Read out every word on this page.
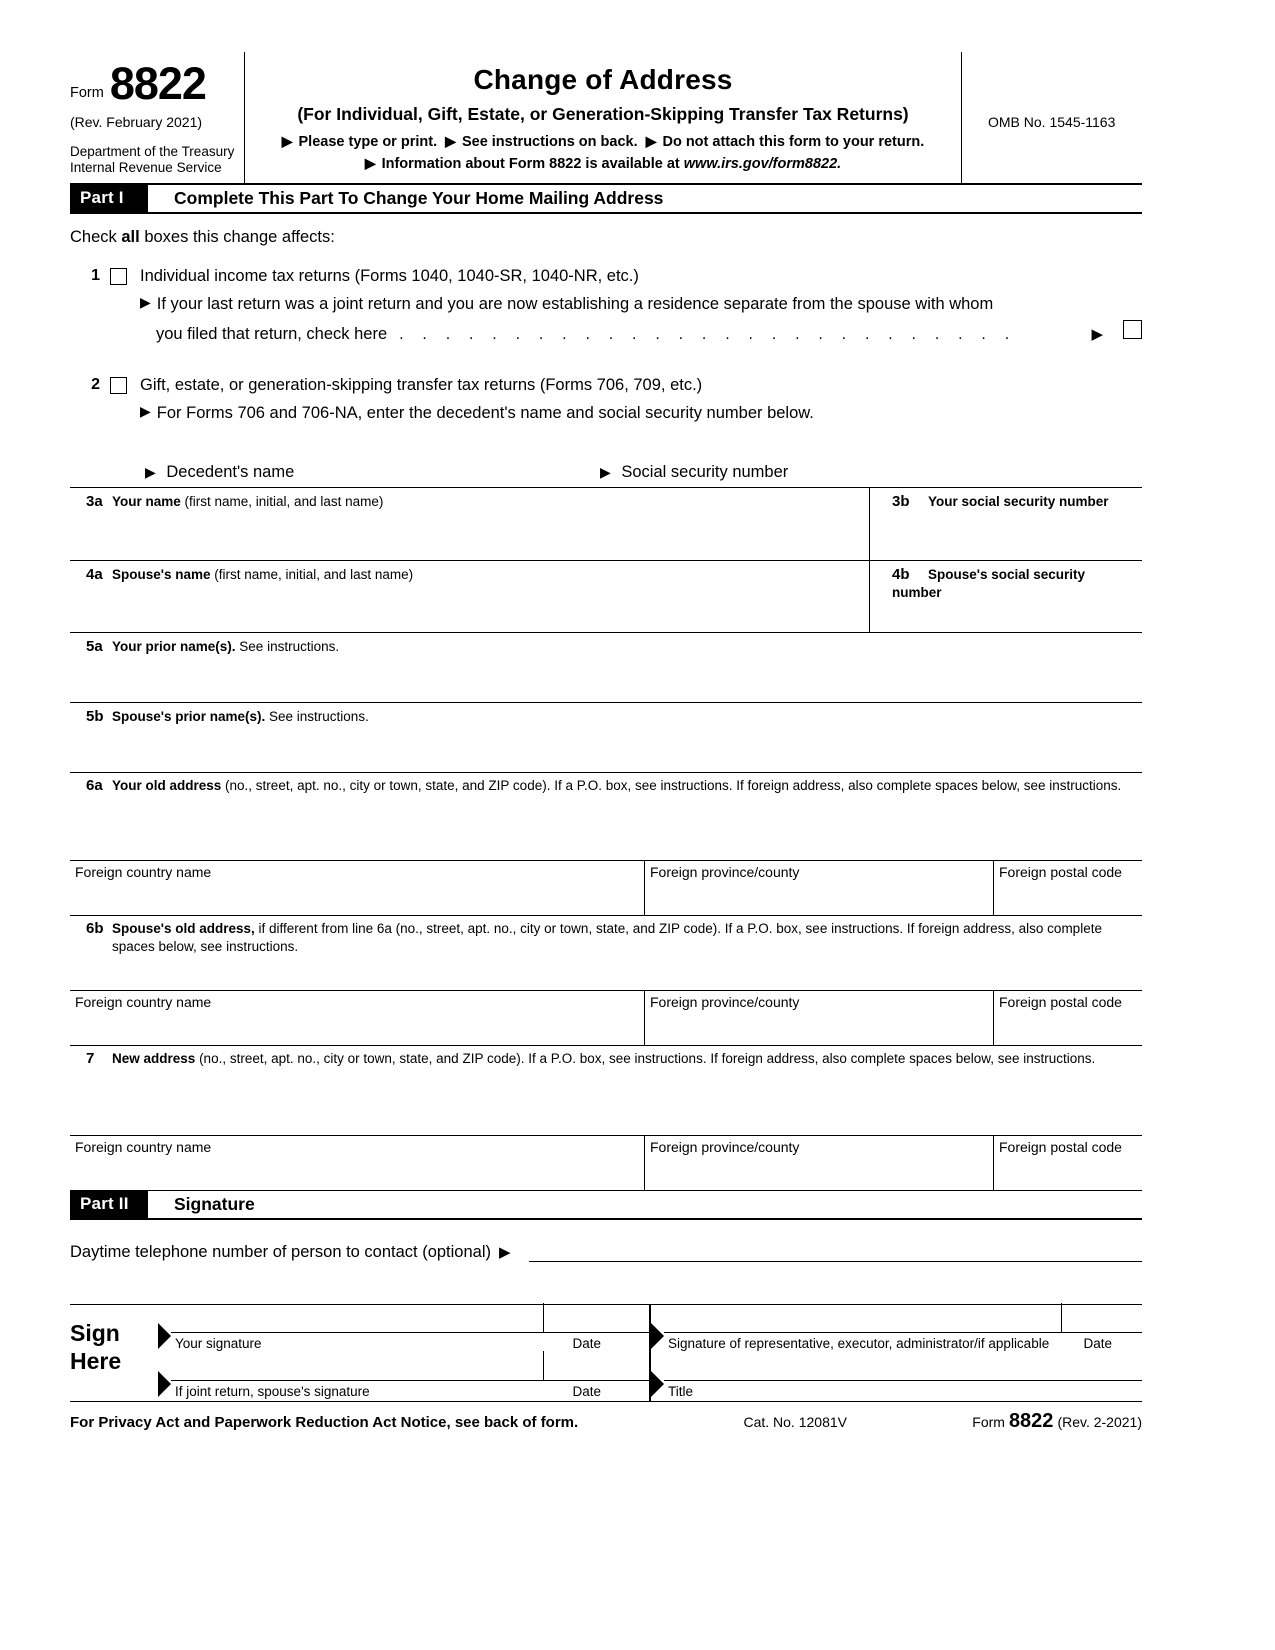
Form 8822
(Rev. February 2021)
Department of the Treasury
Internal Revenue Service
Change of Address
(For Individual, Gift, Estate, or Generation-Skipping Transfer Tax Returns)
▶ Please type or print. ▶ See instructions on back. ▶ Do not attach this form to your return.
▶ Information about Form 8822 is available at www.irs.gov/form8822.
OMB No. 1545-1163
Part I	Complete This Part To Change Your Home Mailing Address
Check all boxes this change affects:
1	Individual income tax returns (Forms 1040, 1040-SR, 1040-NR, etc.)
▶ If your last return was a joint return and you are now establishing a residence separate from the spouse with whom
you filed that return, check here . . . . . . . . . . . . . . . . . . . . . . . . . . .	▶
2	Gift, estate, or generation-skipping transfer tax returns (Forms 706, 709, etc.)
▶ For Forms 706 and 706-NA, enter the decedent's name and social security number below.
▶ Decedent's name	▶ Social security number
3a Your name (first name, initial, and last name)	3b Your social security number
4a Spouse's name (first name, initial, and last name)	4b Spouse's social security number
5a Your prior name(s). See instructions.
5b Spouse's prior name(s). See instructions.
6a Your old address (no., street, apt. no., city or town, state, and ZIP code). If a P.O. box, see instructions. If foreign address, also complete spaces below, see instructions.
Foreign country name	Foreign province/county	Foreign postal code
6b Spouse's old address, if different from line 6a (no., street, apt. no., city or town, state, and ZIP code). If a P.O. box, see instructions. If foreign address, also complete spaces below, see instructions.
Foreign country name	Foreign province/county	Foreign postal code
7	New address (no., street, apt. no., city or town, state, and ZIP code). If a P.O. box, see instructions. If foreign address, also complete spaces below, see instructions.
Foreign country name	Foreign province/county	Foreign postal code
Part II	Signature
Daytime telephone number of person to contact (optional) ▶
Sign
Here
Your signature	Date
If joint return, spouse's signature	Date
Signature of representative, executor, administrator/if applicable	Date
Title
For Privacy Act and Paperwork Reduction Act Notice, see back of form.	Cat. No. 12081V	Form 8822 (Rev. 2-2021)
